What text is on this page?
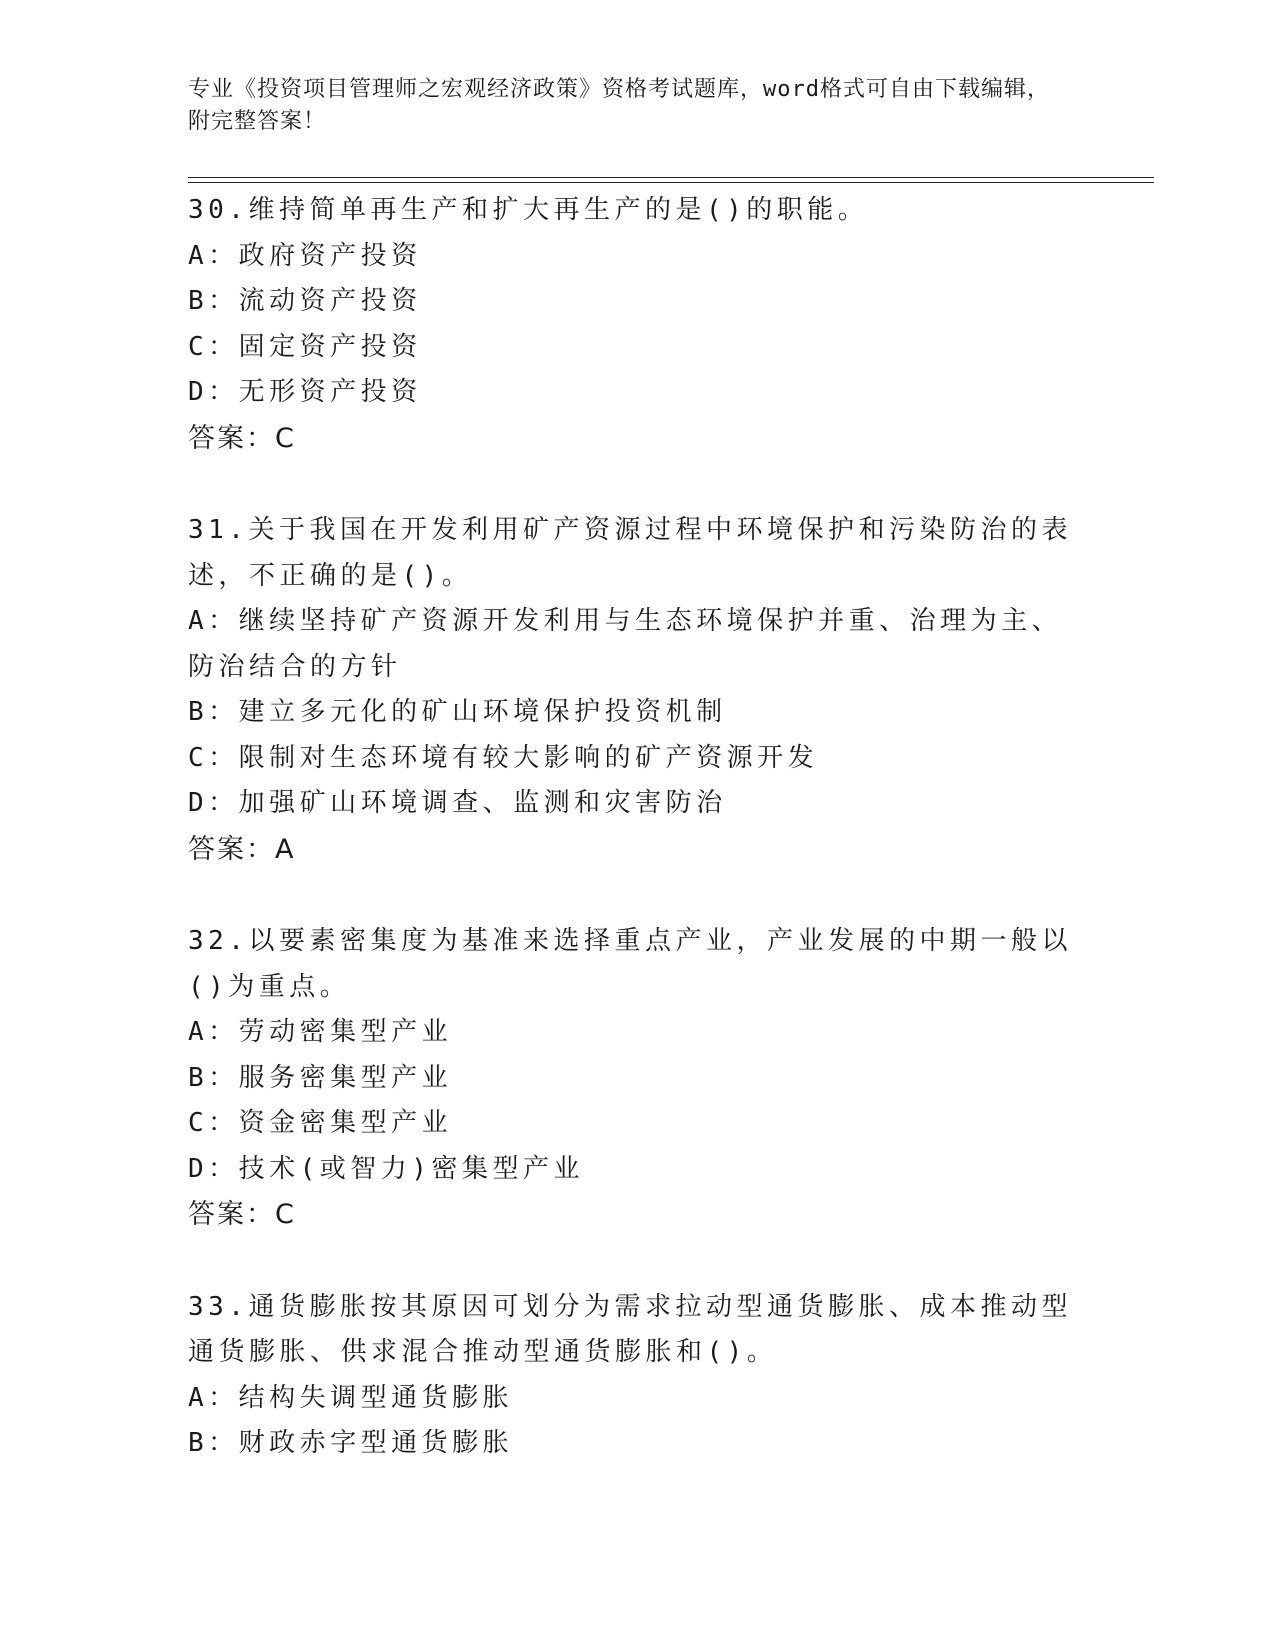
专业《投资项目管理师之宏观经济政策》资格考试题库，word格式可自由下载编辑，附完整答案！

30.维持简单再生产和扩大再生产的是()的职能。

A：政府资产投资

B：流动资产投资

C：固定资产投资

D：无形资产投资

答案：C

31.关于我国在开发利用矿产资源过程中环境保护和污染防治的表述，不正确的是()。

A：继续坚持矿产资源开发利用与生态环境保护并重、治理为主、防治结合的方针

B：建立多元化的矿山环境保护投资机制

C：限制对生态环境有较大影响的矿产资源开发

D：加强矿山环境调查、监测和灾害防治

答案：A

32.以要素密集度为基准来选择重点产业，产业发展的中期一般以()为重点。

A：劳动密集型产业

B：服务密集型产业

C：资金密集型产业

D：技术(或智力)密集型产业

答案：C

33.通货膨胀按其原因可划分为需求拉动型通货膨胀、成本推动型通货膨胀、供求混合推动型通货膨胀和()。

A：结构失调型通货膨胀

B：财政赤字型通货膨胀
